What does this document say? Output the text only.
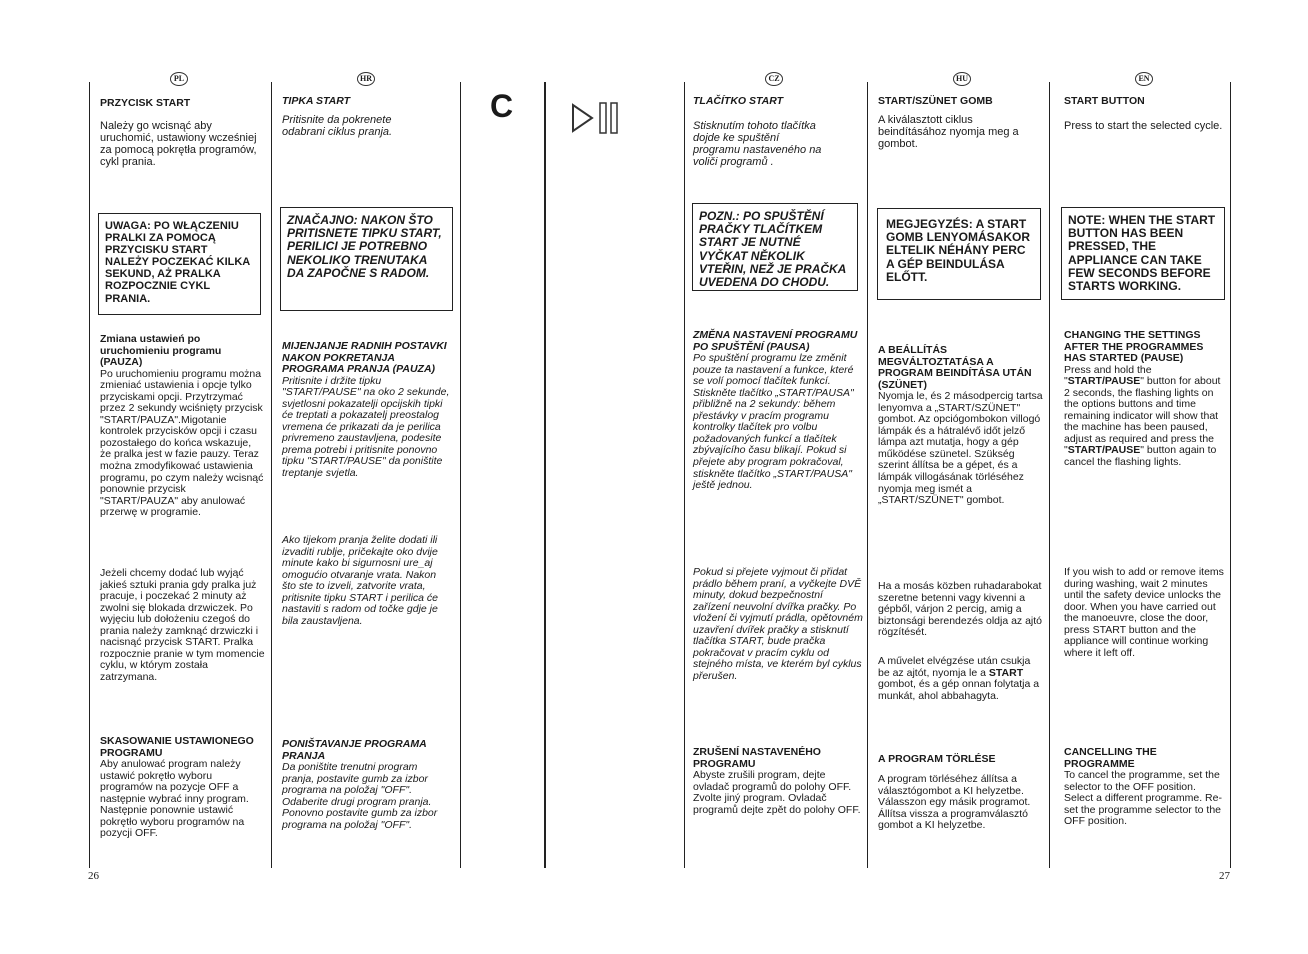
C
PL
PRZYCISK START
Należy go wcisnąć aby uruchomić, ustawiony wcześniej za pomocą pokrętła programów, cykl prania.
UWAGA: PO WŁĄCZENIU PRALKI ZA POMOCĄ PRZYCISKU START NALEŻY POCZEKAĆ KILKA SEKUND, AŻ PRALKA ROZPOCZNIE CYKL PRANIA.
Zmiana ustawień po uruchomieniu programu (PAUZA)
Po uruchomieniu programu można zmieniać ustawienia i opcje tylko przyciskami opcji. Przytrzymać przez 2 sekundy wciśnięty przycisk "START/PAUZA".Migotanie kontrolek przycisków opcji i czasu pozostałego do końca wskazuje, że pralka jest w fazie pauzy. Teraz można zmodyfikować ustawienia programu, po czym należy wcisnąć ponownie przycisk "START/PAUZA" aby anulować przerwę w programie.
Jeżeli chcemy dodać lub wyjąć jakieś sztuki prania gdy pralka już pracuje, i poczekać 2 minuty aż zwolni się blokada drzwiczek. Po wyjęciu lub dołożeniu czegoś do prania należy zamknąć drzwiczki i nacisnąć przycisk START. Pralka rozpocznie pranie w tym momencie cyklu, w którym została zatrzymana.
SKASOWANIE USTAWIONEGO PROGRAMU
Aby anulować program należy ustawić pokrętło wyboru programów na pozycje OFF a następnie wybrać inny program. Następnie ponownie ustawić pokrętło wyboru programów na pozycji OFF.
HR
TIPKA START
Pritisnite da pokrenete odabrani ciklus pranja.
ZNAČAJNO: NAKON ŠTO PRITISNETE TIPKU START, PERILICI JE POTREBNO NEKOLIKO TRENUTAKA DA ZAPOČNE S RADOM.
MIJENJANJE RADNIH POSTAVKI NAKON POKRETANJA PROGRAMA PRANJA (PAUZA)
Pritisnite i držite tipku "START/PAUSE" na oko 2 sekunde, svjetlosni pokazatelji opcijskih tipki će treptati a pokazatelj preostalog vremena će prikazati da je perilica privremeno zaustavljena, podesite prema potrebi i pritisnite ponovno tipku "START/PAUSE" da poništite treptanje svjetla.
Ako tijekom pranja želite dodati ili izvaditi rublje, pričekajte oko dvije minute kako bi sigurnosni ure_aj omogućio otvaranje vrata. Nakon što ste to izveli, zatvorite vrata, pritisnite tipku START i perilica će nastaviti s radom od točke gdje je bila zaustavljena.
PONIŠTAVANJE PROGRAMA PRANJA
Da poništite trenutni program pranja, postavite gumb za izbor programa na položaj "OFF". Odaberite drugi program pranja. Ponovno postavite gumb za izbor programa na položaj "OFF".
CZ
TLAČÍTKO START
Stisknutím tohoto tlačítka dojde ke spuštění programu nastaveného na voliči programů .
POZN.: PO SPUŠTĚNÍ PRAČKY TLAČÍTKEM START JE NUTNÉ VYČKAT NĚKOLIK VTEŘIN, NEŽ JE PRAČKA UVEDENA DO CHODU.
ZMĚNA NASTAVENÍ PROGRAMU PO SPUŠTĚNÍ (PAUSA)
Po spuštění programu lze změnit pouze ta nastavení a funkce, které se volí pomocí tlačítek funkcí. Stiskněte tlačítko „START/PAUSA" přibližně na 2 sekundy: během přestávky v pracím programu kontrolky tlačítek pro volbu požadovaných funkcí a tlačítek zbývajícího času blikají. Pokud si přejete aby program pokračoval, stiskněte tlačítko „START/PAUSA" ještě jednou.
Pokud si přejete vyjmout či přidat prádlo během praní, a vyčkejte DVĚ minuty, dokud bezpečnostní zařízení neuvolní dvířka pračky. Po vložení či vyjmutí prádla, opětovném uzavření dvířek pračky a stisknutí tlačítka START, bude pračka pokračovat v pracím cyklu od stejného místa, ve kterém byl cyklus přerušen.
ZRUŠENÍ NASTAVENÉHO PROGRAMU
Abyste zrušili program, dejte ovladač programů do polohy OFF. Zvolte jiný program. Ovladač programů dejte zpět do polohy OFF.
HU
START/SZÜNET GOMB
A kiválasztott ciklus beindításához nyomja meg a gombot.
MEGJEGYZÉS: A START GOMB LENYOMÁSAKOR ELTELIK NÉHÁNY PERC A GÉP BEINDULÁSA ELŐTT.
A BEÁLLÍTÁS MEGVÁLTOZTATÁSA A PROGRAM BEINDÍTÁSA UTÁN (SZÜNET)
Nyomja le, és 2 másodpercig tartsa lenyomva a „START/SZÜNET" gombot. Az opciógombokon villogó lámpák és a hátralévő időt jelző lámpa azt mutatja, hogy a gép működése szünetel. Szükség szerint állítsa be a gépet, és a lámpák villogásának törléséhez nyomja meg ismét a „START/SZÜNET" gombot.
Ha a mosás közben ruhadarabokat szeretne betenni vagy kivenni a gépből, várjon 2 percig, amig a biztonsági berendezés oldja az ajtó rögzítését.
A művelet elvégzése után csukja be az ajtót, nyomja le a START gombot, és a gép onnan folytatja a munkát, ahol abbahagyta.
A PROGRAM TÖRLÉSE
A program törléséhez állítsa a választógombot a KI helyzetbe. Válasszon egy másik programot. Állítsa vissza a programválasztó gombot a KI helyzetbe.
EN
START BUTTON
Press to start the selected cycle.
NOTE: WHEN THE START BUTTON HAS BEEN PRESSED, THE APPLIANCE CAN TAKE FEW SECONDS BEFORE STARTS WORKING.
CHANGING THE SETTINGS AFTER THE PROGRAMMES HAS STARTED (PAUSE)
Press and hold the "START/PAUSE" button for about 2 seconds, the flashing lights on the options buttons and time remaining indicator will show that the machine has been paused, adjust as required and press the "START/PAUSE" button again to cancel the flashing lights.
If you wish to add or remove items during washing, wait 2 minutes until the safety device unlocks the door. When you have carried out the manoeuvre, close the door, press START button and the appliance will continue working where it left off.
CANCELLING THE PROGRAMME
To cancel the programme, set the selector to the OFF position. Select a different programme. Re-set the programme selector to the OFF position.
26	27
